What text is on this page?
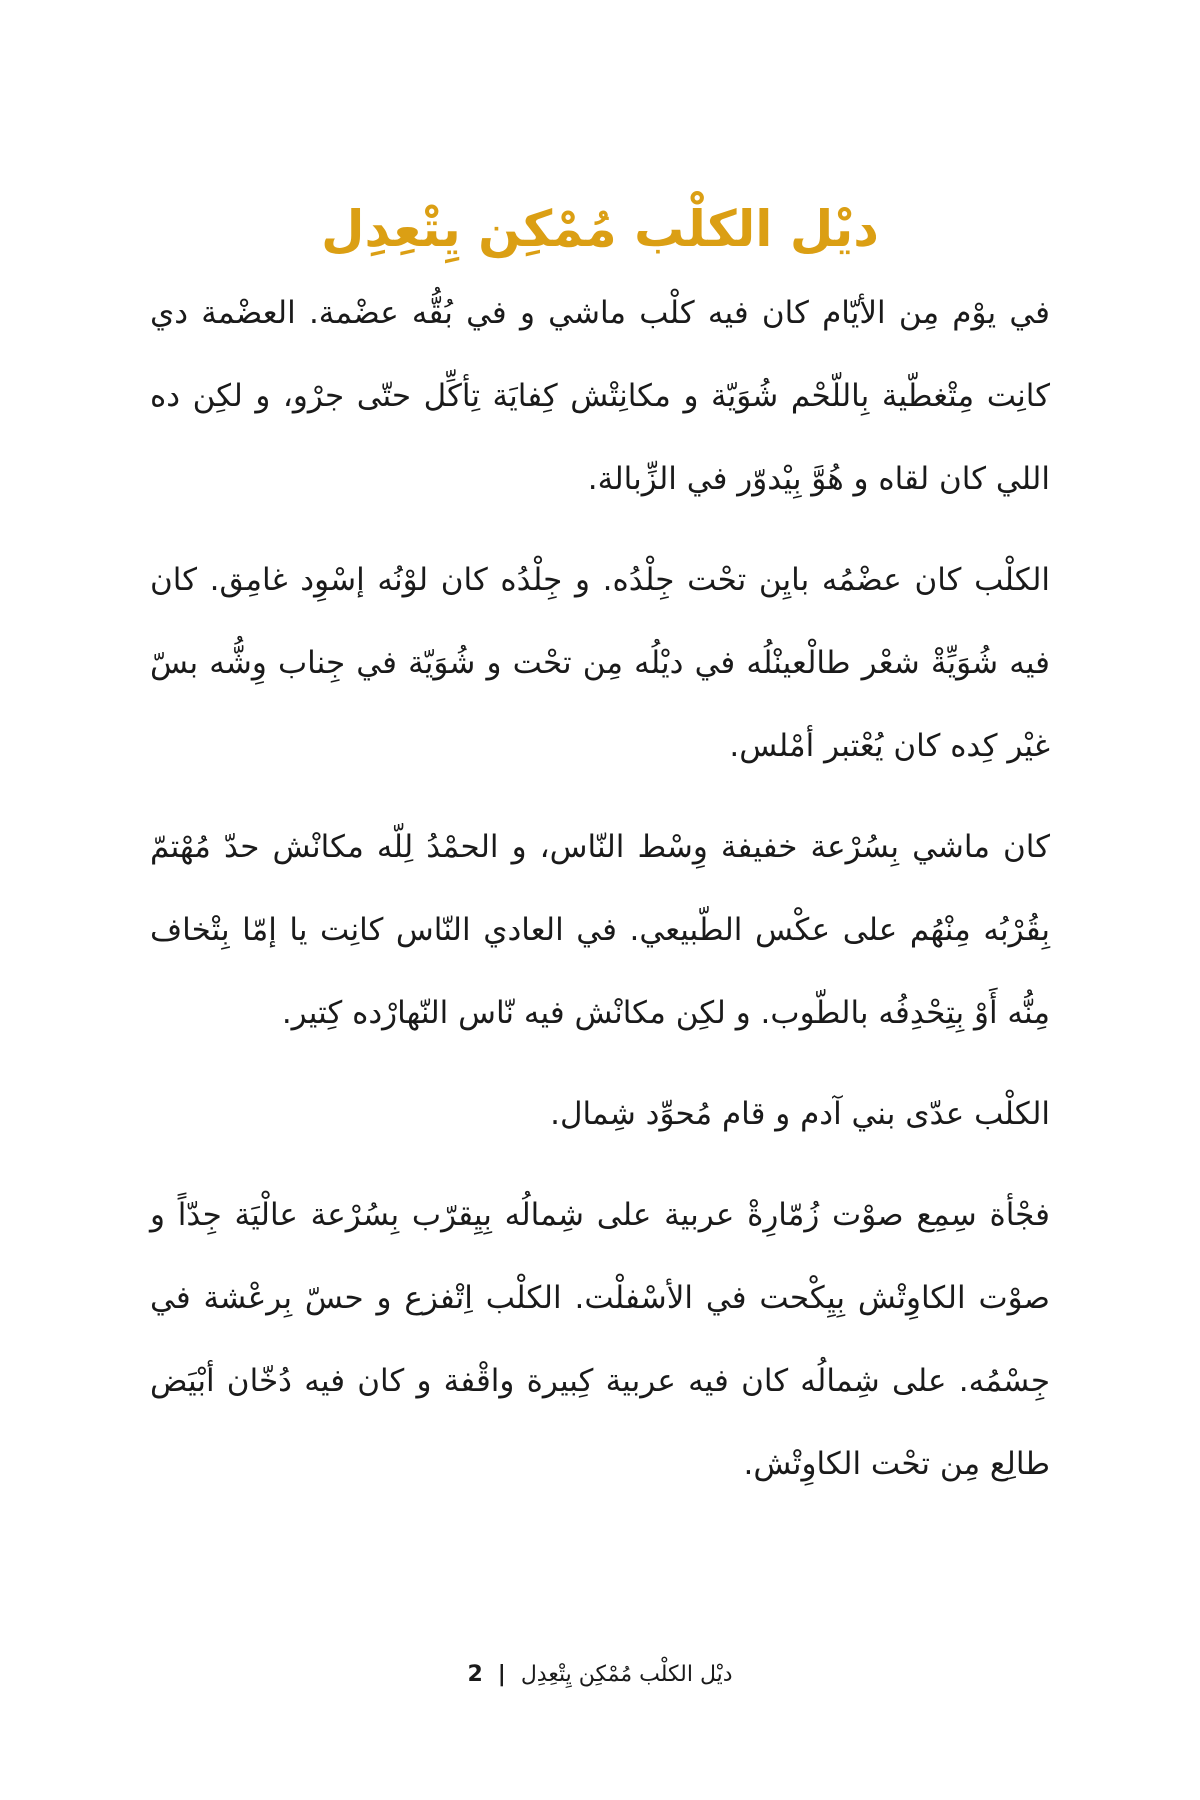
ديْل الكلْب مُمْكِن يِتْعِدِل

في يوْم مِن الأيّام كان فيه كلْب ماشي و في بُقُّه عضْمة. العضْمة دي
كانِت مِتْغطّية بِاللّحْم شُوَيّة و مكانِتْش كِفايَة تِأكِّل حتّى جرْو، و لكِن ده
اللي كان لقاه و هُوَّ بِيْدوّر في الزِّبالة.

الكلْب كان عضْمُه بايِن تحْت جِلْدُه. و جِلْدُه كان لوْنُه إسْوِد غامِق. كان
فيه شُوَيِّةْ شعْر طالْعينْلُه في ديْلُه مِن تحْت و شُوَيّة في جِناب وِشُّه بسّ
غيْر كِده كان يُعْتبر أمْلس.

كان ماشي بِسُرْعة خفيفة وِسْط النّاس، و الحمْدُ لِلّه مكانْش حدّ مُهْتمّ
بِقُرْبُه مِنْهُم على عكْس الطّبيعي. في العادي النّاس كانِت يا إمّا بِتْخاف
مِنُّه أَوْ بِتِحْدِفُه بالطّوب. و لكِن مكانْش فيه نّاس النّهارْده كِتير.

الكلْب عدّى بني آدم و قام مُحوِّد شِمال.

فجْأة سِمِع صوْت زُمّارِةْ عربية على شِمالُه بِيِقرّب بِسُرْعة عالْيَة جِدّاً و
صوْت الكاوِتْش بِيِكْحت في الأسْفلْت. الكلْب اِتْفزع و حسّ بِرعْشة في
جِسْمُه. على شِمالُه كان فيه عربية كِبيرة واقْفة و كان فيه دُخّان أبْيَض
طالِع مِن تحْت الكاوِتْش.

ديْل الكلْب مُمْكِن يِتْعِدِل | 2
